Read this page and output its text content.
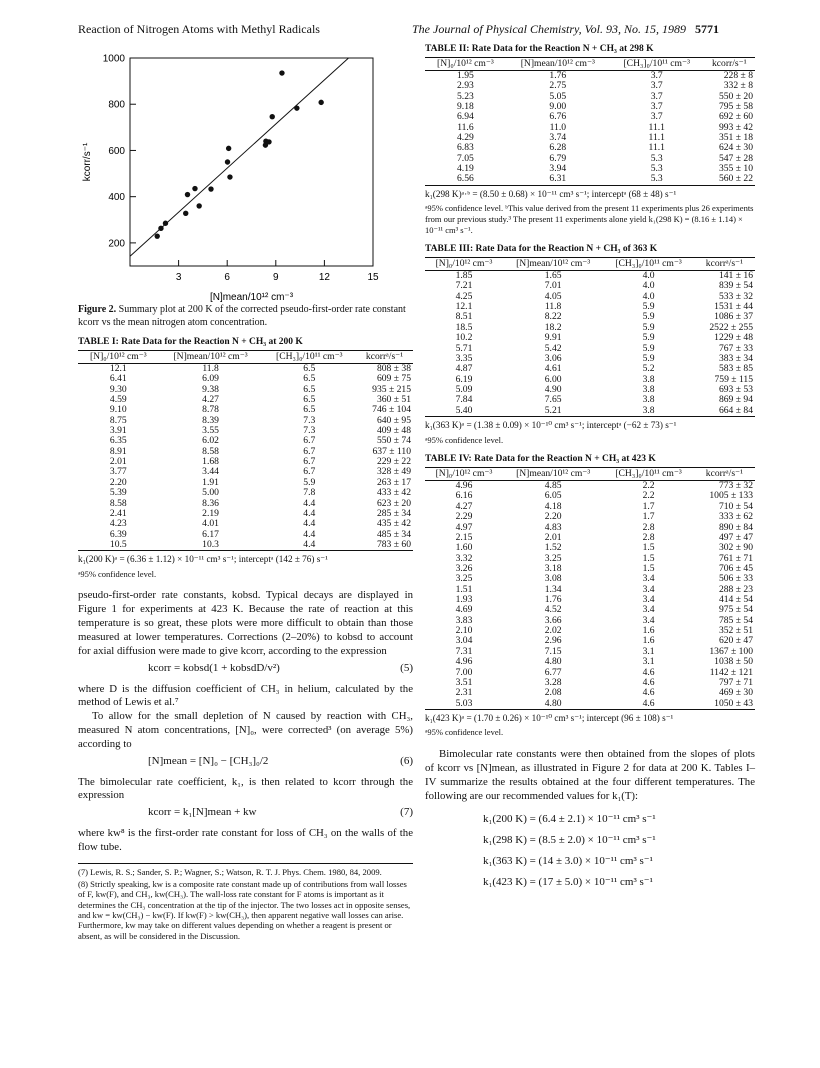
Reaction of Nitrogen Atoms with Methyl Radicals	The Journal of Physical Chemistry, Vol. 93, No. 15, 1989 5771
3	6	9	12	15
200
400
600
800
1000
[N]mean/10¹² cm⁻³
kcorr/s⁻¹
Figure 2. Summary plot at 200 K of the corrected pseudo-first-order rate constant kcorr vs the mean nitrogen atom concentration.
TABLE I: Rate Data for the Reaction N + CH₃ at 200 K
[N]₀/10¹² cm⁻³	[N]mean/10¹² cm⁻³	[CH₃]₀/10¹¹ cm⁻³	kcorrᵃ/s⁻¹
12.1	11.8	6.5	808 ± 38
6.41	6.09	6.5	609 ± 75
9.30	9.38	6.5	935 ± 215
4.59	4.27	6.5	360 ± 51
9.10	8.78	6.5	746 ± 104
8.75	8.39	7.3	640 ± 95
3.91	3.55	7.3	409 ± 48
6.35	6.02	6.7	550 ± 74
8.91	8.58	6.7	637 ± 110
2.01	1.68	6.7	229 ± 22
3.77	3.44	6.7	328 ± 49
2.20	1.91	5.9	263 ± 17
5.39	5.00	7.8	433 ± 42
8.58	8.36	4.4	623 ± 20
2.41	2.19	4.4	285 ± 34
4.23	4.01	4.4	435 ± 42
6.39	6.17	4.4	485 ± 34
10.5	10.3	4.4	783 ± 60
k₁(200 K)ᵃ = (6.36 ± 1.12) × 10⁻¹¹ cm³ s⁻¹; interceptᵃ (142 ± 76) s⁻¹
ᵃ95% confidence level.

pseudo-first-order rate constants, kobsd. Typical decays are displayed in Figure 1 for experiments at 423 K. Because the rate of reaction at this temperature is so great, these plots were more difficult to obtain than those measured at lower temperatures. Corrections (2–20%) to kobsd to account for axial diffusion were made to give kcorr, according to the expression

kcorr = kobsd(1 + kobsdD/v²)	(5)

where D is the diffusion coefficient of CH₃ in helium, calculated by the method of Lewis et al.⁷

To allow for the small depletion of N caused by reaction with CH₃, measured N atom concentrations, [N]₀, were corrected³ (on average 5%) according to

[N]mean = [N]₀ − [CH₃]₀/2	(6)

The bimolecular rate coefficient, k₁, is then related to kcorr through the expression

kcorr = k₁[N]mean + kw	(7)

where kw⁸ is the first-order rate constant for loss of CH₃ on the walls of the flow tube.

(7) Lewis, R. S.; Sander, S. P.; Wagner, S.; Watson, R. T. J. Phys. Chem. 1980, 84, 2009.

(8) Strictly speaking, kw is a composite rate constant made up of contributions from wall losses of F, kw(F), and CH₃, kw(CH₃). The wall-loss rate constant for F atoms is important as it determines the CH₃ concentration at the tip of the injector. The two losses act in opposite senses, and kw = kw(CH₃) − kw(F). If kw(F) > kw(CH₃), then apparent negative wall losses can arise. Furthermore, kw may take on different values depending on whether a reagent is present or absent, as will be considered in the Discussion.

TABLE II: Rate Data for the Reaction N + CH₃ at 298 K
[N]₀/10¹² cm⁻³	[N]mean/10¹² cm⁻³	[CH₃]₀/10¹¹ cm⁻³	kcorr/s⁻¹
1.95	1.76	3.7	228 ± 8
2.93	2.75	3.7	332 ± 8
5.23	5.05	3.7	550 ± 20
9.18	9.00	3.7	795 ± 58
6.94	6.76	3.7	692 ± 60
11.6	11.0	11.1	993 ± 42
4.29	3.74	11.1	351 ± 18
6.83	6.28	11.1	624 ± 30
7.05	6.79	5.3	547 ± 28
4.19	3.94	5.3	355 ± 10
6.56	6.31	5.3	560 ± 22
k₁(298 K)ᵃ·ᵇ = (8.50 ± 0.68) × 10⁻¹¹ cm³ s⁻¹; interceptᵃ (68 ± 48) s⁻¹
ᵃ95% confidence level. ᵇThis value derived from the present 11 experiments plus 26 experiments from our previous study.³ The present 11 experiments alone yield k₁(298 K) = (8.16 ± 1.14) × 10⁻¹¹ cm³ s⁻¹.
TABLE III: Rate Data for the Reaction N + CH₃ of 363 K
[N]₀/10¹² cm⁻³	[N]mean/10¹² cm⁻³	[CH₃]₀/10¹¹ cm⁻³	kcorrᵃ/s⁻¹
1.85	1.65	4.0	141 ± 16
7.21	7.01	4.0	839 ± 54
4.25	4.05	4.0	533 ± 32
12.1	11.8	5.9	1531 ± 44
8.51	8.22	5.9	1086 ± 37
18.5	18.2	5.9	2522 ± 255
10.2	9.91	5.9	1229 ± 48
5.71	5.42	5.9	767 ± 33
3.35	3.06	5.9	383 ± 34
4.87	4.61	5.2	583 ± 85
6.19	6.00	3.8	759 ± 115
5.09	4.90	3.8	693 ± 53
7.84	7.65	3.8	869 ± 94
5.40	5.21	3.8	664 ± 84
k₁(363 K)ᵃ = (1.38 ± 0.09) × 10⁻¹⁰ cm³ s⁻¹; interceptᵃ (−62 ± 73) s⁻¹
ᵃ95% confidence level.
TABLE IV: Rate Data for the Reaction N + CH₃ at 423 K
[N]₀/10¹² cm⁻³	[N]mean/10¹² cm⁻³	[CH₃]₀/10¹¹ cm⁻³	kcorrᵃ/s⁻¹
4.96	4.85	2.2	773 ± 32
6.16	6.05	2.2	1005 ± 133
4.27	4.18	1.7	710 ± 54
2.29	2.20	1.7	333 ± 62
4.97	4.83	2.8	890 ± 84
2.15	2.01	2.8	497 ± 47
1.60	1.52	1.5	302 ± 90
3.32	3.25	1.5	761 ± 71
3.26	3.18	1.5	706 ± 45
3.25	3.08	3.4	506 ± 33
1.51	1.34	3.4	288 ± 23
1.93	1.76	3.4	414 ± 54
4.69	4.52	3.4	975 ± 54
3.83	3.66	3.4	785 ± 54
2.10	2.02	1.6	352 ± 51
3.04	2.96	1.6	620 ± 47
7.31	7.15	3.1	1367 ± 100
4.96	4.80	3.1	1038 ± 50
7.00	6.77	4.6	1142 ± 121
3.51	3.28	4.6	797 ± 71
2.31	2.08	4.6	469 ± 30
5.03	4.80	4.6	1050 ± 43
k₁(423 K)ᵃ = (1.70 ± 0.26) × 10⁻¹⁰ cm³ s⁻¹; intercept (96 ± 108) s⁻¹
ᵃ95% confidence level.

Bimolecular rate constants were then obtained from the slopes of plots of kcorr vs [N]mean, as illustrated in Figure 2 for data at 200 K. Tables I–IV summarize the results obtained at the four different temperatures. The following are our recommended values for k₁(T):

k₁(200 K) = (6.4 ± 2.1) × 10⁻¹¹ cm³ s⁻¹
k₁(298 K) = (8.5 ± 2.0) × 10⁻¹¹ cm³ s⁻¹
k₁(363 K) = (14 ± 3.0) × 10⁻¹¹ cm³ s⁻¹
k₁(423 K) = (17 ± 5.0) × 10⁻¹¹ cm³ s⁻¹
